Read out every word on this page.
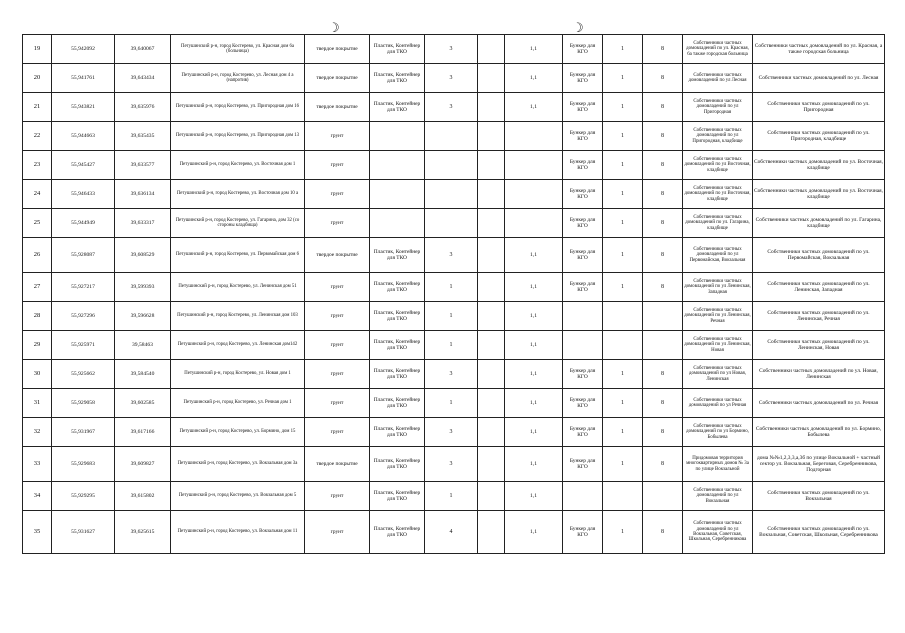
☽	☽
19	55,942092	39,640067	Петушинский р-н, город Костерево, ул. Красная дом 6а (больница)	твердое покрытие	Пластик, Контейнер для ТКО	3		1,1	Бункер для КГО	1	8	Собственники частных домовладений по ул. Красная, 6а также городская больница	Собственники частных домовладений по ул. Красная, а также городская больница
20	55,941761	39,643434	Петушинский р-н, город Костерево, ул. Лесная дом 4 а (напротив)	твердое покрытие	Пластик, Контейнер для ТКО	3		1,1	Бункер для КГО	1	8	Собственники частных домовладений по ул Лесная	Собственники частных домовладений по ул. Лесная
21	55,943821	39,635976	Петушинский р-н, город Костерево, ул. Пригородная дом 16	твердое покрытие	Пластик, Контейнер для ТКО	3		1,1	Бункер для КГО	1	8	Собственники частных домовладений по ул Пригородная	Собственники частных домовладений по ул. Пригородная
22	55,944663	39,635435	Петушинский р-н, город Костерево, ул. Пригородная дом 13	грунт					Бункер для КГО	1	8	Собственники частных домовладений по ул Пригородная, кладбище	Собственники частных домовладений по ул. Пригородная, кладбище
23	55,945427	39,633577	Петушинский р-н, город Костерево, ул. Восточная дом 1	грунт					Бункер для КГО	1	8	Собственники частных домовладений по ул Восточная, кладбище	Собственники частных домовладений по ул. Восточная, кладбище
24	55,946433	39,636134	Петушинский р-н, город Костерево, ул. Восточная дом 10 а	грунт					Бункер для КГО	1	8	Собственники частных домовладений по ул Восточная, кладбище	Собственники частных домовладений по ул. Восточная, кладбище
25	55,944949	39,633317	Петушинский р-н, город Костерево, ул. Гагарина, дом 32 (со стороны кладбища)	грунт					Бункер для КГО	1	8	Собственники частных домовладений по ул. Гагарина, кладбище	Собственники частных домовладений по ул. Гагарина, кладбище
26	55,928087	39,608529	Петушинский р-н, город Костерево, ул. Первомайская дом 6	твердое покрытие	Пластик, Контейнер для ТКО	3		1,1	Бункер для КГО	1	8	Собственники частных домовладений по ул Первомайская, Вокзальная	Собственники частных домовладений по ул. Первомайская, Вокзальная
27	55,927217	39,599393	Петушинский р-н, город Костерево, ул. Ленинская дом 51	грунт	Пластик, Контейнер для ТКО	1		1,1	Бункер для КГО	1	8	Собственники частных домовладений по ул Ленинская, Западная	Собственники частных домовладений по ул. Ленинская, Западная
28	55,927296	39,596628	Петушинский р-н, город Костерево, ул. Ленинская дом 103	грунт	Пластик, Контейнер для ТКО	1		1,1				Собственники частных домовладений по ул Ленинская, Речная	Собственники частных домовладений по ул. Ленинская, Речная
29	55,925971	39,58463	Петушинский р-н, город Костерево, ул. Ленинская дом142	грунт	Пластик, Контейнер для ТКО	1		1,1				Собственники частных домовладений по ул Ленинская, Новая	Собственники частных домовладений по ул. Ленинская, Новая
30	55,925662	39,584540	Петушинский р-н, город Костерево, ул. Новая дом 1	грунт	Пластик, Контейнер для ТКО	3		1,1	Бункер для КГО	1	8	Собственники частных домовладений по ул Новая, Ленинская	Собственники частных домовладений по ул. Новая, Ленинская
31	55,929058	39,602585	Петушинский р-н, город Костерево, ул. Речная дом 1	грунт	Пластик, Контейнер для ТКО	1		1,1	Бункер для КГО	1	8	Собственники частных домовладений по ул Речная	Собственники частных домовладений по ул. Речная
32	55,931967	39,617166	Петушинский р-н, город Костерево, ул. Бормино, дом 15	грунт	Пластик, Контейнер для ТКО	3		1,1	Бункер для КГО	1	8	Собственники частных домовладений по ул Бормино, Бобылева	Собственники частных домовладений по ул. Бормино, Бобылева
33	55,929683	39,609827	Петушинский р-н, город Костерево, ул. Вокзальная дом 3а	твердое покрытие	Пластик, Контейнер для ТКО	3		1,1	Бункер для КГО	1	8	Придомовая территория многоквартирных домов № 3а по улице Вокзальной	дома №№1,2,3,3,а,3б по улице Вокзальной + частный сектор ул. Вокзальная, Береговая, Серебренникова, Подгорная
34	55,929295	39,615802	Петушинский р-н, город Костерево, ул. Вокзальная дом 5	грунт	Пластик, Контейнер для ТКО	1		1,1				Собственники частных домовладений по ул Вокзальная	Собственники частных домовладений по ул. Вокзальная
35	55,931627	39,625615	Петушинский р-н, город Костерево, ул. Вокзальная дом 11	грунт	Пластик, Контейнер для ТКО	4		1,1	Бункер для КГО	1	8	Собственники частных домовладений по ул Вокзальная, Советская, Школьная, Серебренникова	Собственники частных домовладений по ул. Вокзальная, Советская, Школьная, Серебренникова
